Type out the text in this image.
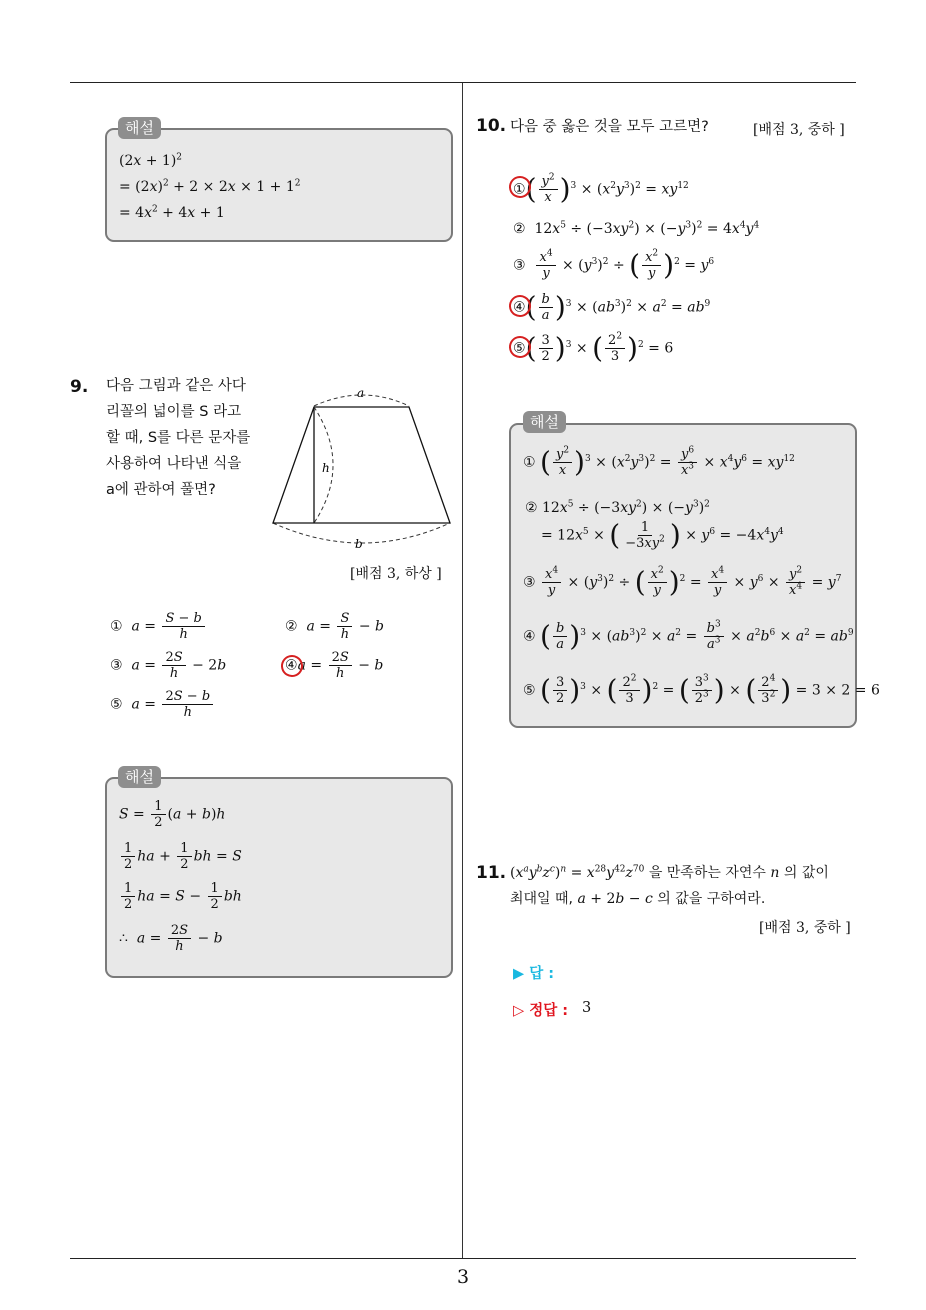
3
$(2x + 1)^2$
= $(2x)^2 + 2 \times 2x \times 1 + 1^2$
= $4x^2 + 4x + 1$
해설
9. 다음 그림과 같은 사다
리꼴의 넓이를 S 라고
할 때, S를 다른 문자를
사용하여 나타낸 식을
a에 관하여 풀면?
a
h
b
[배점 3, 하상 ]
① $a = \frac{S - b}{h}$	② $a = \frac{S}{h} - b$
③ $a = \frac{2S}{h} - 2b$	④a = $\frac{2S}{h} - b$
⑤ $a = \frac{2S - b}{h}$
$S = \frac{1}{2} (a + b)h$
$\frac{1}{2}$ ha + $\frac{1}{2}$ bh = S
$\frac{1}{2}$ ha = $S - \frac{1}{2}$ bh
∴  $a = \frac{2S}{h} - b$
해설
10. 다음 중 옳은 것을 모두 고르면?	[배점 3, 중하 ]
①( $\frac{y^2}{x} )^3 \times (x^2y^3)^2 = xy^{12}$
②  $12x^5 \div (-3xy^2) \times (-y^3)^2 = 4x^4y^4$
③ $\frac{x^4}{y} \times (y^3)^2$ ÷ ( $\frac{x^2}{y} )^2 = y^6$
④( $\frac{b}{a} )^3 \times (ab^3)^2 \times a^2 = ab^9$
⑤( $\frac{3}{2} )^3$ × ( $\frac{2^2}{3} )^2 = 6$
① ( $\frac{y^2}{x} )^3 \times (x^2y^3)^2 = \frac{y^6}{x^3} \times x^4y^6 = xy^{12}$
② $12x^5 \div (-3xy^2) \times (-y^3)^2$
= $12x^5$ × ( $\frac{1}{-3xy^2}$ ) × $y^6 = -4x^4y^4$
③ $\frac{x^4}{y} \times (y^3)^2$ ÷ ( $\frac{x^2}{y} )^2 = \frac{x^4}{y} \times y^6 \times \frac{y^2}{x^4} = y^7$
④ ( $\frac{b}{a} )^3 \times (ab^3)^2 \times a^2 = \frac{b^3}{a^3} \times a^2b^6 \times a^2 = ab^9$
⑤ ( $\frac{3}{2} )^3$ × ( $\frac{2^2}{3} )^2$ = ( $\frac{3^3}{2^3}$ ) × ( $\frac{2^4}{3^2}$ ) = 3 × 2 = 6
해설
11. $(x^ay^bz^c)^n = x^{28}y^{42}z^{70}$ 을 만족하는 자연수 n 의 값이
최대일 때, a + 2b − c 의 값을 구하여라.
[배점 3, 중하 ]
▶ 답 :
▷ 정답 : 3
